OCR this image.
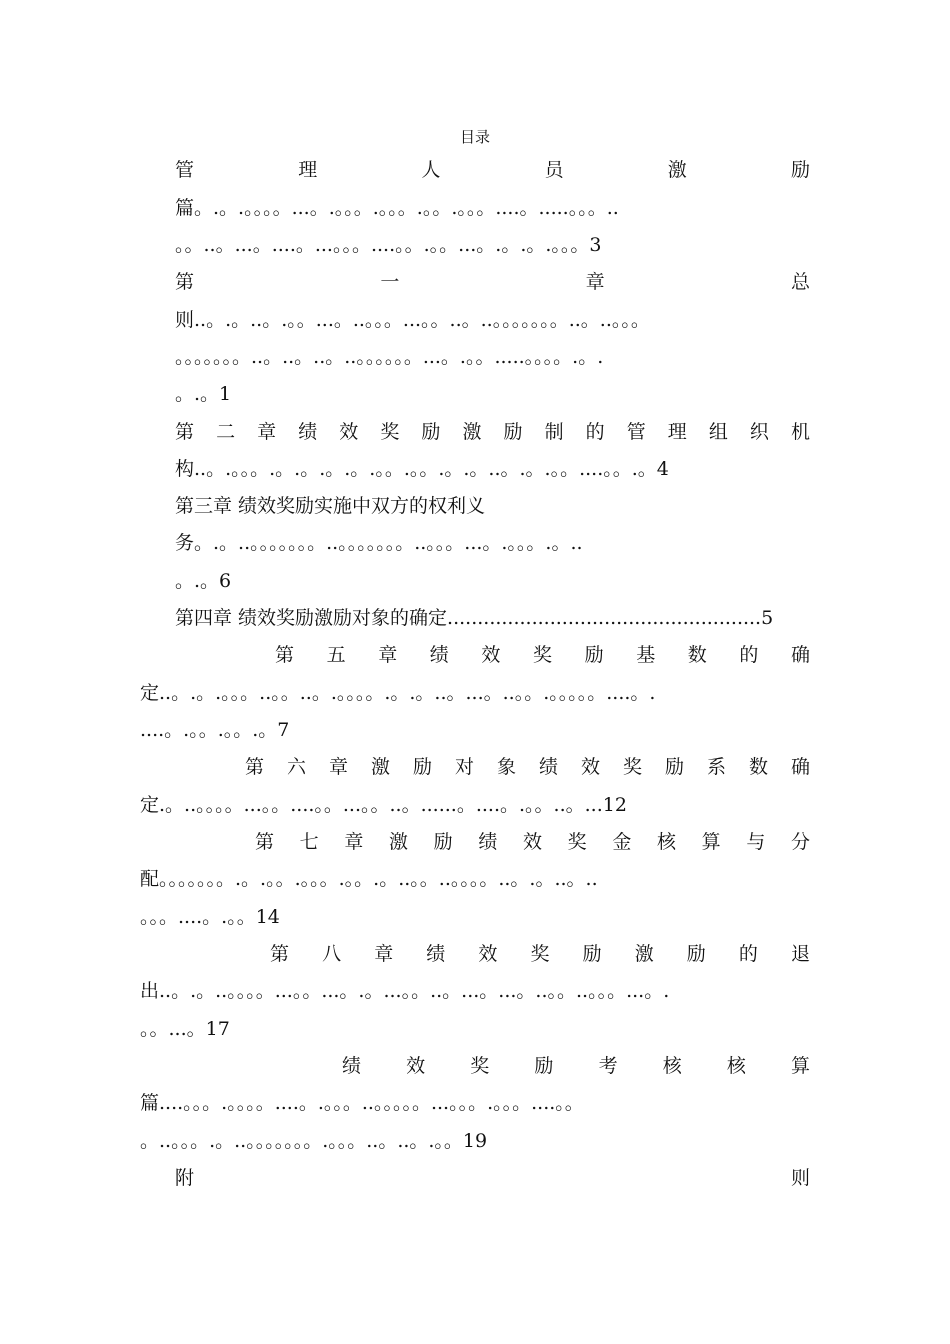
目录
管 理 人 员 激 励
篇。.。.。。。。...。.。。。.。。。.。。.。。。....。.....。。。..
。。..。...。....。...。。。....。。.。。...。.。.。.。。。3
第 一 章 总
则..。.。..。.。。...。..。。。...。。..。..。。。。。。。..。..。。。
。。。。。。。..。..。..。..。。。。。。...。.。。.....。。。。.。.
。.。1
第 二 章 绩 效 奖 励 激 励 制 的 管 理 组 织 机
构..。.。。。.。.。.。.。.。。.。。.。.。..。.。.。。....。。.。4
第三章 绩效奖励实施中双方的权利义
务。.。..。。。。。。。..。。。。。。。..。。。...。.。。。.。..
。.。6
第四章 绩效奖励激励对象的确定....................................................5
第 五 章 绩 效 奖 励 基 数 的 确
定..。.。.。。。..。。..。.。。。。.。.。..。...。..。。.。。。。。....。.
....。.。。.。。.。7
第 六 章 激 励 对 象 绩 效 奖 励 系 数 确
定.。..。。。。...。。....。。...。。..。......。....。.。。..。...12
第 七 章 激 励 绩 效 奖 金 核 算 与 分
配。。。。。。。.。.。。.。。。.。。.。..。。..。。。。..。.。..。..
。。。....。.。。14
第 八 章 绩 效 奖 励 激 励 的 退
出..。.。..。。。。...。。...。.。...。。..。...。...。..。。..。。。...。.
。。...。17
绩 效 奖 励 考 核 核 算
篇....。。。.。。。。....。.。。。..。。。。。...。。。.。。。....。。
。..。。。.。..。。。。。。。.。。。..。..。.。。19
附 则
